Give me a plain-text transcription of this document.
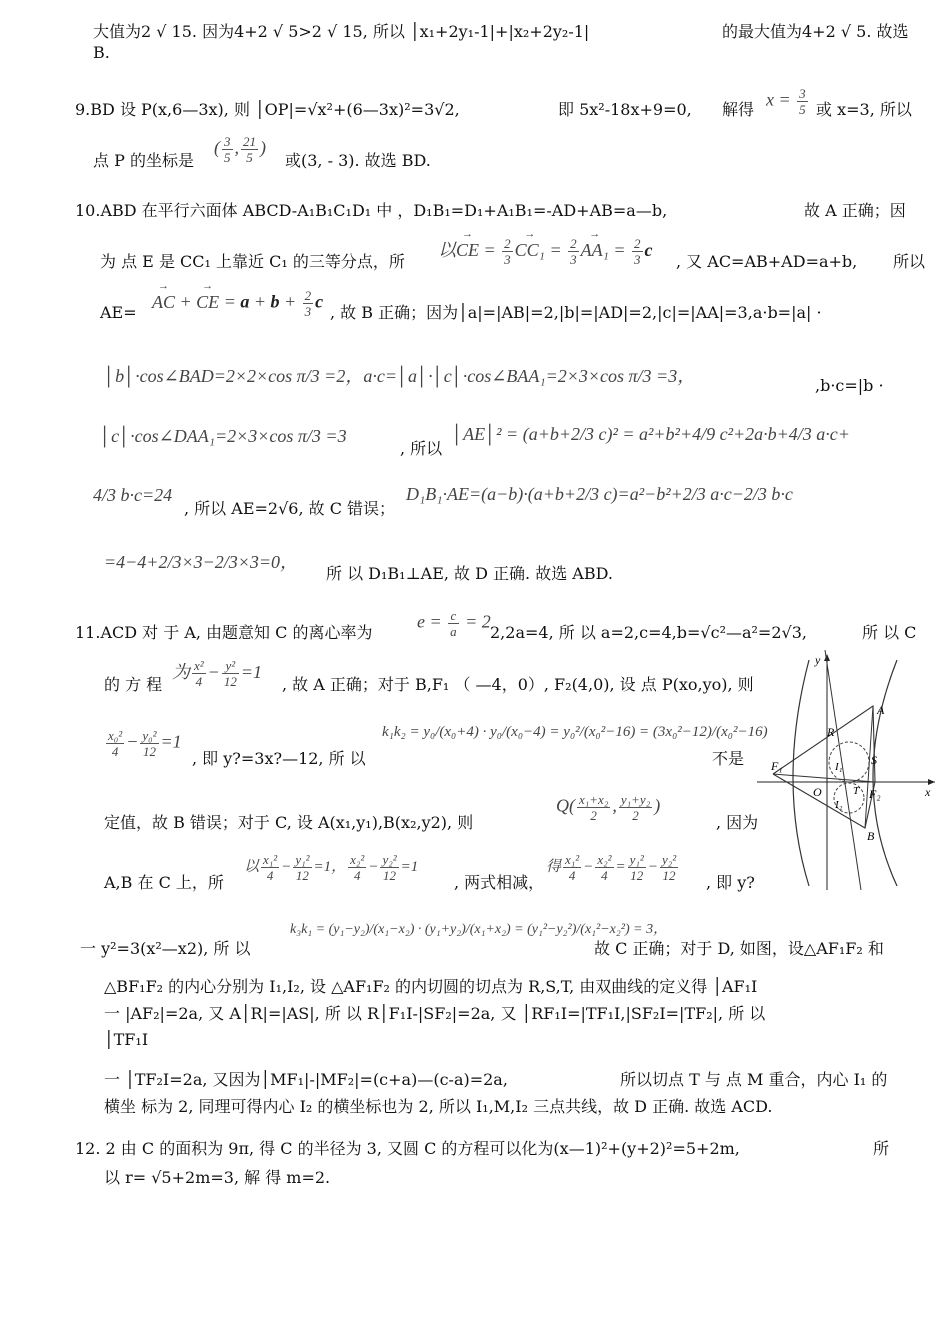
大值为2 √ 15. 因为4+2 √ 5>2 √ 15, 所以 │x₁+2y₁-1|+|x₂+2y₂-1|	的最大值为4+2 √ 5. 故选
B.
9.BD 设 P(x,6—3x), 则 │OP|=√x²+(6—3x)²=3√2,	即 5x²-18x+9=0, 解得 $x = \frac{3}{5}$ 或 x=3, 所以
点 P 的坐标是
( $\frac{3}{5}$ , $\frac{21}{5}$ )
或(3, - 3). 故选 BD.
10.ABD 在平行六面体 ABCD-A₁B₁C₁D₁ 中 ，D₁B₁=D₁+A₁B₁=-AD+AB=a—b,	故 A 正确；因
为 点 E 是 CC₁ 上靠近 C₁ 的三等分点，所
以→ CE = $\frac{2}{3}$
→ $CC_1 = \frac{2}{3}$
→ $AA_1 = \frac{2}{3}$ c
, 又 AC=AB+AD=a+b, 所以
AE=
→ AC + → CE = $a + b + \frac{2}{3}$ c
, 故 B 正确；因为│a|=|AB|=2,|b|=|AD|=2,|c|=|AA|=3,a·b=|a| ·
│b│·cos∠BAD=2×2×cos π/3 =2，a·c=│a│·│c│·cos∠BAA₁=2×3×cos π/3 =3，	,b·c=|b ·
│c│·cos∠DAA₁=2×3×cos π/3 =3
, 所以
│AE│² = (a+b+2/3 c)² = a²+b²+4/9 c²+2a·b+4/3 a·c+
4/3 b·c=24
, 所以 AE=2√6, 故 C 错误；
D₁B₁·AE=(a−b)·(a+b+2/3 c)=a²−b²+2/3 a·c−2/3 b·c
=4−4+2/3×3−2/3×3=0，
所 以 D₁B₁⊥AE, 故 D 正确. 故选 ABD.
11.ACD 对 于 A, 由题意知 C 的离心率为
$e = \frac{c}{a} = 2$
2,2a=4, 所 以 a=2,c=4,b=√c²—a²=2√3,	所 以 C
的 方 程
为 $\frac{\text{x²}}{4} - \frac{\text{y²}}{12} =1$
, 故 A 正确；对于 B,F₁ （ —4，0）, F₂(4,0), 设 点 P(xo,yo), 则
$\frac{\text{x₀²}}{4} - \frac{\text{y₀²}}{12} =1$
, 即 y?=3x?—12, 所 以
k₁k₂ = y₀/(x₀+4) · y₀/(x₀−4) = y₀²/(x₀²−16) = (3x₀²−12)/(x₀²−16)
不是
定值，故 B 错误；对于 C, 设 A(x₁,y₁),B(x₂,y2), 则
$Q( \frac{\text{x₁+x₂}}{2}$ , $\frac{\text{y₁+y₂}}{2}$ )
, 因为
A,B 在 C 上，所
以 $\frac{\text{x₁²}}{4} - \frac{\text{y₁²}}{12} =1$， $\frac{\text{x₂²}}{4} - \frac{\text{y₂²}}{12} =1$
, 两式相减，
得 $\frac{\text{x₁²}}{4} - \frac{\text{x₂²}}{4} = \frac{\text{y₁²}}{12} - \frac{\text{y₂²}}{12}$ , 即 y?
一 y²=3(x²—x2), 所 以
k₃k₁ = (y₁−y₂)/(x₁−x₂) · (y₁+y₂)/(x₁+x₂) = (y₁²−y₂²)/(x₁²−x₂²) = 3，
故 C 正确；对于 D, 如图，设△AF₁F₂ 和
△BF₁F₂ 的内心分别为 I₁,I₂, 设 △AF₁F₂ 的内切圆的切点为 R,S,T, 由双曲线的定义得 │AF₁I
一 |AF₂|=2a, 又 A│R|=|AS|, 所 以 R│F₁I-|SF₂|=2a, 又 │RF₁I=|TF₁I,|SF₂I=|TF₂|, 所 以
│TF₁I
一 │TF₂I=2a, 又因为│MF₁|-|MF₂|=(c+a)—(c-a)=2a,	所以切点 T 与 点 M 重合，内心 I₁ 的
横坐 标为 2, 同理可得内心 I₂ 的横坐标也为 2, 所以 I₁,M,I₂ 三点共线，故 D 正确. 故选 ACD.
12. 2 由 C 的面积为 9π, 得 C 的半径为 3, 又圆 C 的方程可以化为(x—1)²+(y+2)²=5+2m,	所
以 r= √5+2m=3, 解 得 m=2.
y
x
O
F₁
F₂
A
B
R
S
T
I₁
I₂
